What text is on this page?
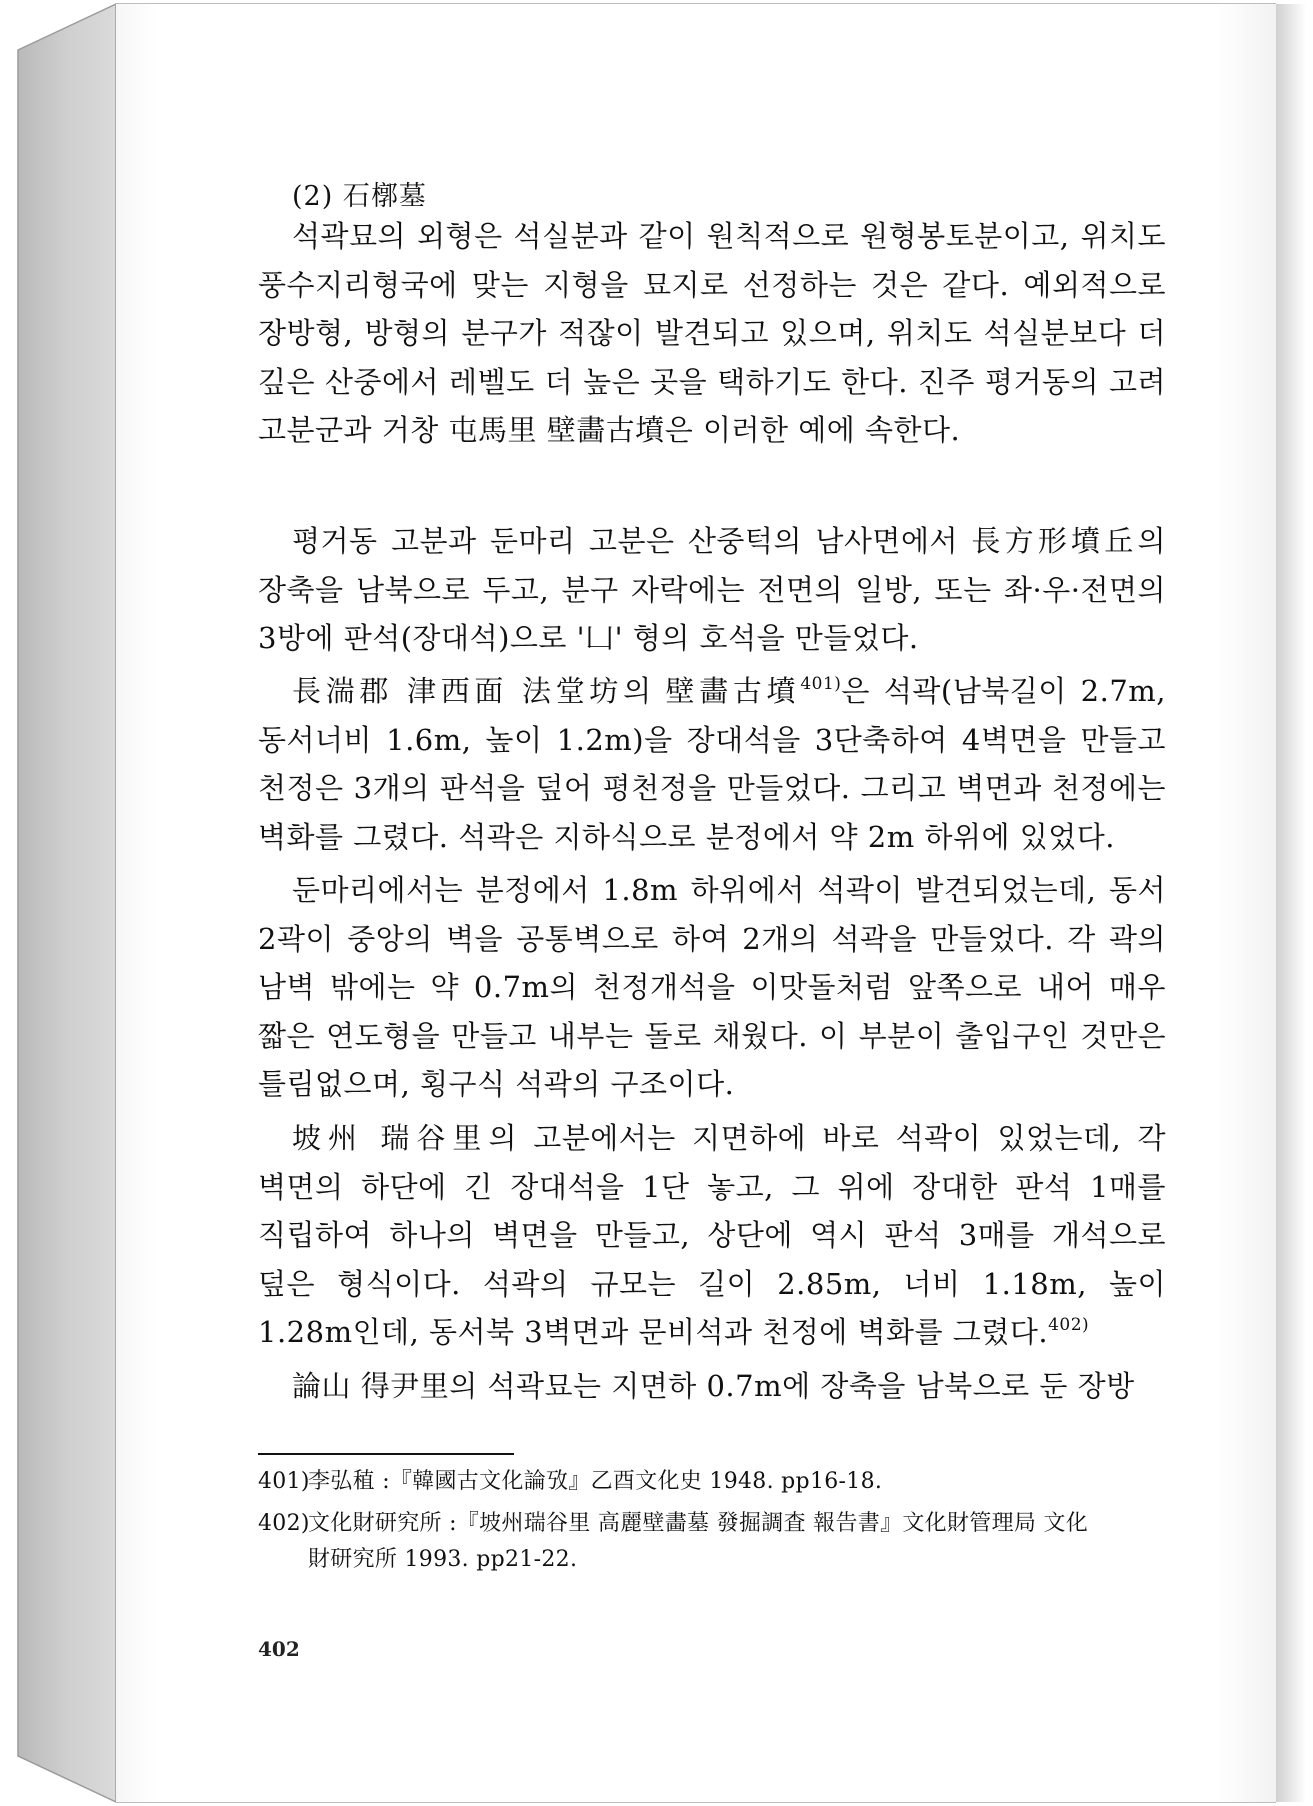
(2) 石槨墓

석곽묘의 외형은 석실분과 같이 원칙적으로 원형봉토분이고, 위치도 풍수지리형국에 맞는 지형을 묘지로 선정하는 것은 같다. 예외적으로 장방형, 방형의 분구가 적잖이 발견되고 있으며, 위치도 석실분보다 더 깊은 산중에서 레벨도 더 높은 곳을 택하기도 한다. 진주 평거동의 고려 고분군과 거창 屯馬里 壁畵古墳은 이러한 예에 속한다.

평거동 고분과 둔마리 고분은 산중턱의 남사면에서 長方形墳丘의 장축을 남북으로 두고, 분구 자락에는 전면의 일방, 또는 좌·우·전면의 3방에 판석(장대석)으로 '凵' 형의 호석을 만들었다.

長湍郡 津西面 法堂坊의 壁畵古墳$^{401)}$은 석곽(남북길이 2.7m, 동서너비 1.6m, 높이 1.2m)을 장대석을 3단축하여 4벽면을 만들고 천정은 3개의 판석을 덮어 평천정을 만들었다. 그리고 벽면과 천정에는 벽화를 그렸다. 석곽은 지하식으로 분정에서 약 2m 하위에 있었다.

둔마리에서는 분정에서 1.8m 하위에서 석곽이 발견되었는데, 동서 2곽이 중앙의 벽을 공통벽으로 하여 2개의 석곽을 만들었다. 각 곽의 남벽 밖에는 약 0.7m의 천정개석을 이맛돌처럼 앞쪽으로 내어 매우 짧은 연도형을 만들고 내부는 돌로 채웠다. 이 부분이 출입구인 것만은 틀림없으며, 횡구식 석곽의 구조이다.

坡州 瑞谷里의 고분에서는 지면하에 바로 석곽이 있었는데, 각 벽면의 하단에 긴 장대석을 1단 놓고, 그 위에 장대한 판석 1매를 직립하여 하나의 벽면을 만들고, 상단에 역시 판석 3매를 개석으로 덮은 형식이다. 석곽의 규모는 길이 2.85m, 너비 1.18m, 높이 1.28m인데, 동서북 3벽면과 문비석과 천정에 벽화를 그렸다.$^{402)}$

論山 得尹里의 석곽묘는 지면하 0.7m에 장축을 남북으로 둔 장방

401)李弘稙 :『韓國古文化論攷』乙酉文化史 1948. pp16-18.
402)文化財研究所 :『坡州瑞谷里 高麗壁畵墓 發掘調査 報告書』文化財管理局 文化
財研究所 1993. pp21-22.
402
